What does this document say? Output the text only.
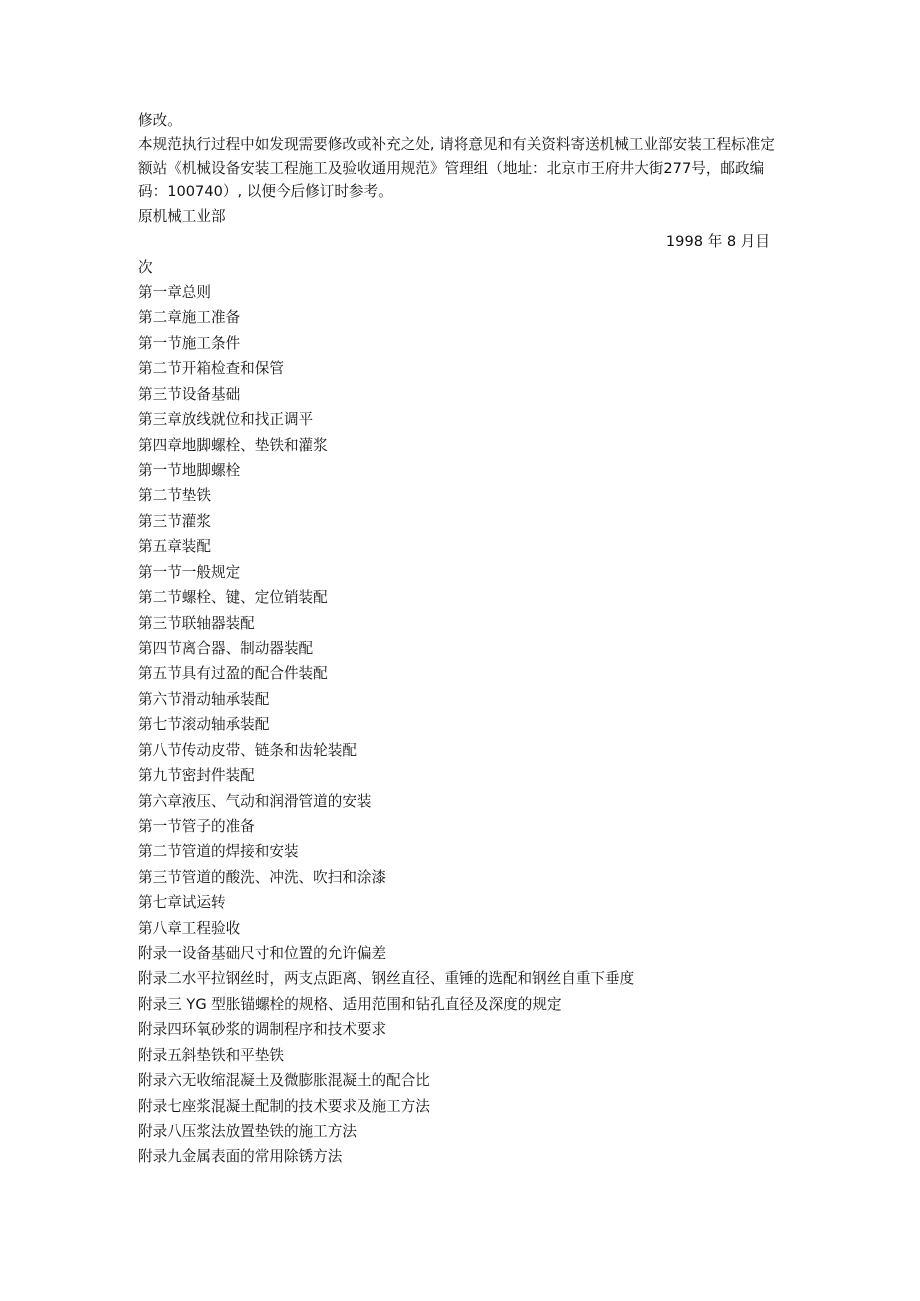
修改。

本规范执行过程中如发现需要修改或补充之处, 请将意见和有关资料寄送机械工业部安装工程标准定额站《机械设备安装工程施工及验收通用规范》管理组（地址：北京市王府井大街277号，邮政编码：100740）, 以便今后修订时参考。

原机械工业部

1998 年 8 月目

次

第一章总则

第二章施工准备

第一节施工条件

第二节开箱检查和保管

第三节设备基础

第三章放线就位和找正调平

第四章地脚螺栓、垫铁和灌浆

第一节地脚螺栓

第二节垫铁

第三节灌浆

第五章装配

第一节一般规定

第二节螺栓、键、定位销装配

第三节联轴器装配

第四节离合器、制动器装配

第五节具有过盈的配合件装配

第六节滑动轴承装配

第七节滚动轴承装配

第八节传动皮带、链条和齿轮装配

第九节密封件装配

第六章液压、气动和润滑管道的安装

第一节管子的准备

第二节管道的焊接和安装

第三节管道的酸洗、冲洗、吹扫和涂漆

第七章试运转

第八章工程验收

附录一设备基础尺寸和位置的允许偏差

附录二水平拉钢丝时，两支点距离、钢丝直径、重锤的选配和钢丝自重下垂度

附录三 YG 型胀锚螺栓的规格、适用范围和钻孔直径及深度的规定

附录四环氧砂浆的调制程序和技术要求

附录五斜垫铁和平垫铁

附录六无收缩混凝土及微膨胀混凝土的配合比

附录七座浆混凝土配制的技术要求及施工方法

附录八压浆法放置垫铁的施工方法

附录九金属表面的常用除锈方法
